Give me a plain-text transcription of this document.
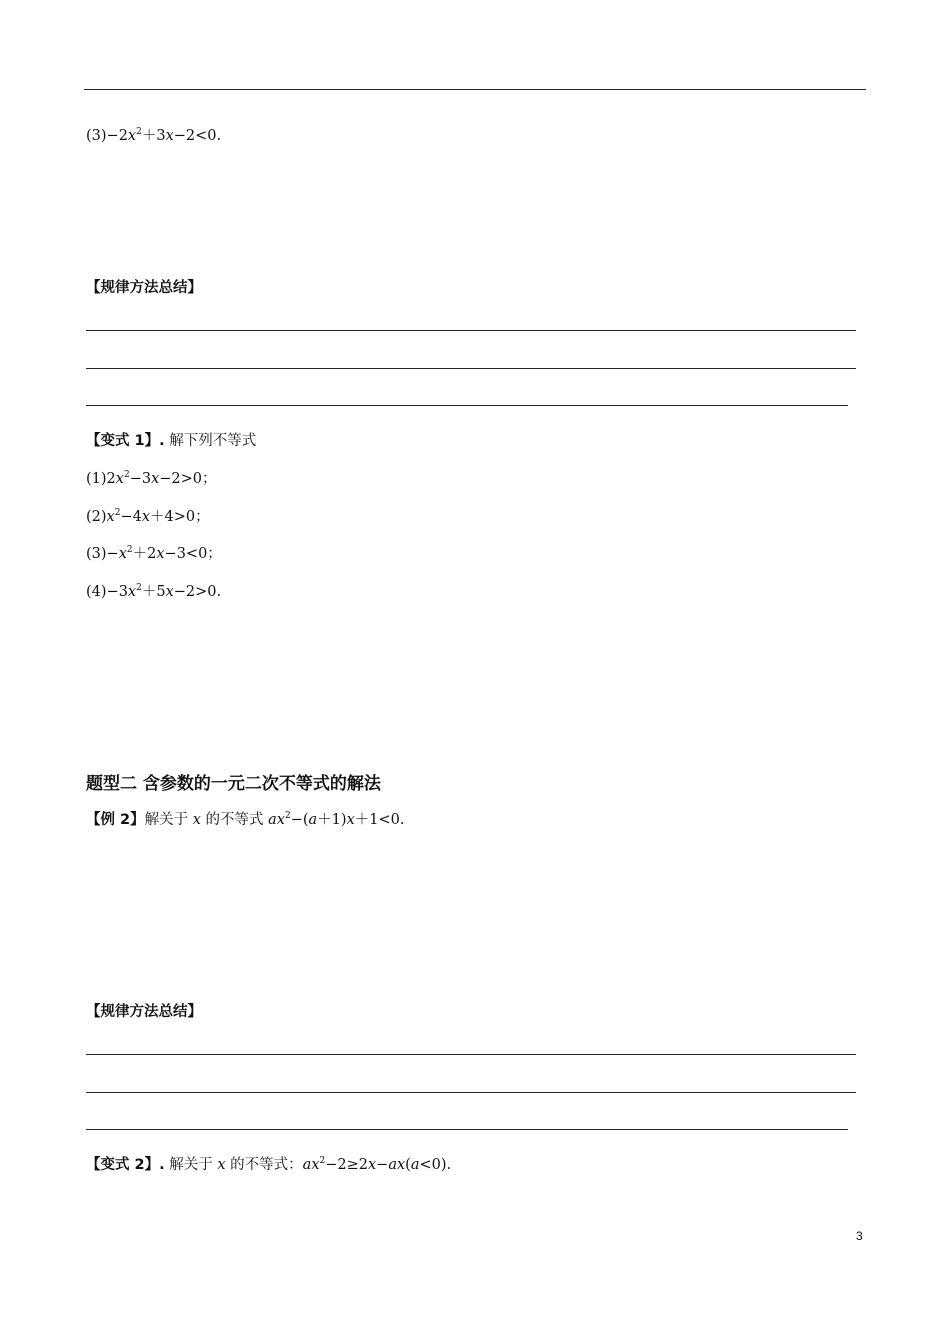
$(3)-2x^2+3x-2<0$.
【规律方法总结】
【变式 1】. 解下列不等式
$(1)2x^2-3x-2>0$；
$(2)x^2-4x+4>0$；
$(3)-x^2+2x-3<0$；
$(4)-3x^2+5x-2>0$.
题型二 含参数的一元二次不等式的解法
【例 2】解关于 x 的不等式 $ax^2-(a+1)x+1<0$.
【规律方法总结】
【变式 2】. 解关于 x 的不等式：$ax^2-2\ge 2x-ax(a<0)$.
3
